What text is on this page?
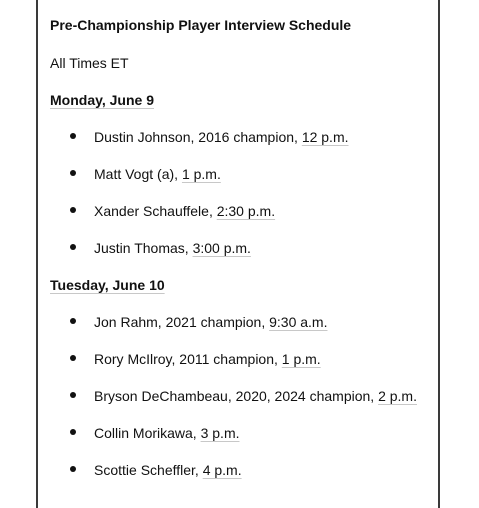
Pre-Championship Player Interview Schedule
All Times ET
Monday, June 9
Dustin Johnson, 2016 champion, 12 p.m.
Matt Vogt (a), 1 p.m.
Xander Schauffele, 2:30 p.m.
Justin Thomas, 3:00 p.m.
Tuesday, June 10
Jon Rahm, 2021 champion, 9:30 a.m.
Rory McIlroy, 2011 champion, 1 p.m.
Bryson DeChambeau, 2020, 2024 champion, 2 p.m.
Collin Morikawa, 3 p.m.
Scottie Scheffler, 4 p.m.
